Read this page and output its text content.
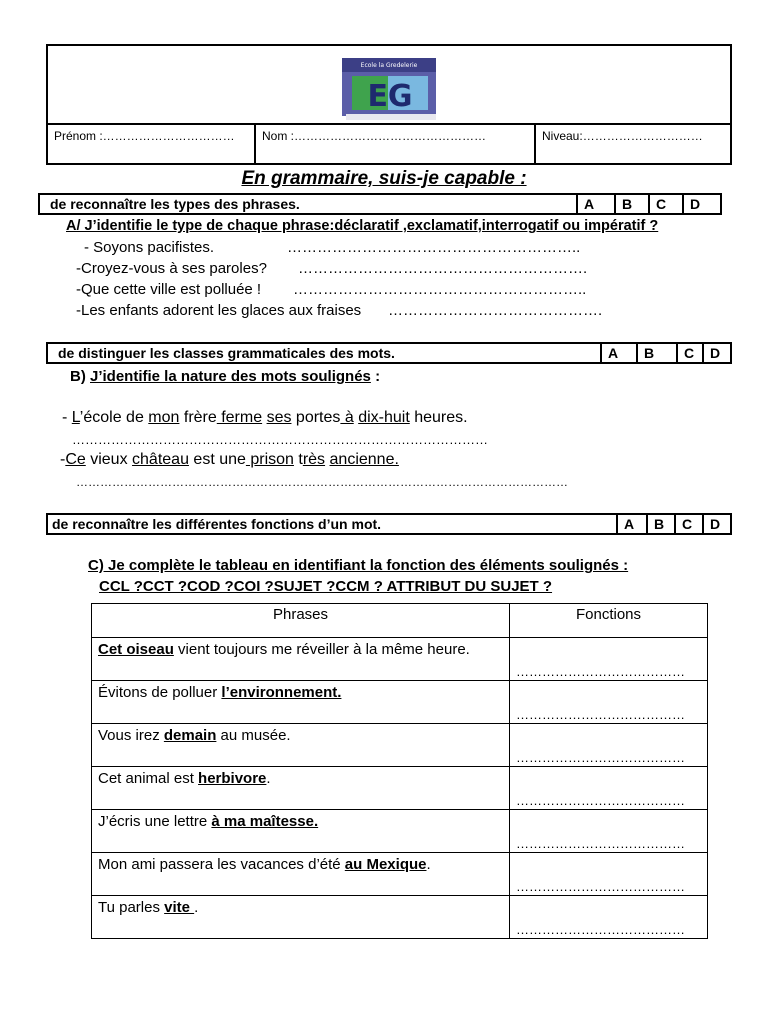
Ecole la Gredelerie
EG
Prénom :……………………………	Nom :…………………………………………	Niveau:…………………………
En grammaire, suis-je capable :
de reconnaître les types des phrases.	A	B	C	D
A/ J’identifie le type de chaque phrase:déclaratif ,exclamatif,interrogatif ou impératif ?
- Soyons pacifistes.	…………………………………………………..
-Croyez-vous à ses paroles? ………………………………………………….
-Que cette ville est polluée ! …………………………………………………..
-Les enfants adorent les glaces aux fraises …………………………………….
de distinguer les classes grammaticales des mots.	A	B	C	D
B) J’identifie la nature des mots soulignés :
- L’école de mon frère ferme ses portes à dix-huit heures.
……………………………………………………………………………………
-Ce vieux château est une prison très ancienne.
……………………………………………………………………………………………………………
de reconnaître les différentes fonctions d’un mot.	A	B	C	D
C) Je complète le tableau en identifiant la fonction des éléments soulignés :
CCL ?CCT ?COD ?COI ?SUJET ?CCM ? ATTRIBUT DU SUJET ?
Phrases	Fonctions
Cet oiseau vient toujours me réveiller à la même heure.	…………………………………
Évitons de polluer l’environnement.	…………………………………
Vous irez demain au musée.	…………………………………
Cet animal est herbivore.	…………………………………
J’écris une lettre à ma maîtesse.	…………………………………
Mon ami passera les vacances d’été au Mexique.	…………………………………
Tu parles vite .	…………………………………
